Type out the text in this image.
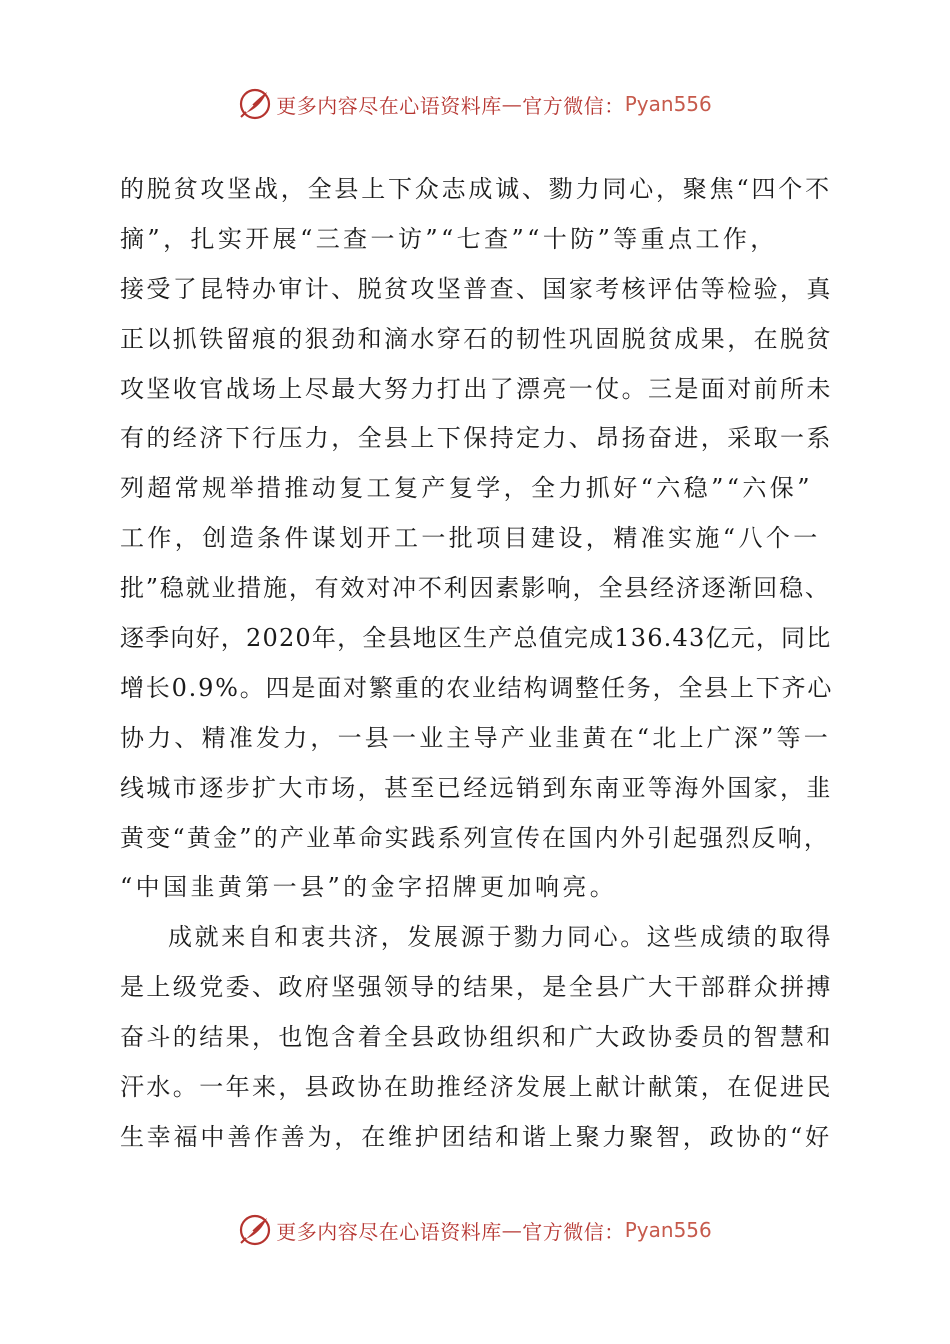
更多内容尽在心语资料库 — 官方微信： Pyan556
的脱贫攻坚战，全县上下众志成诚、勠力同心，聚焦“四个不
摘”，扎实开展“三查一访”“七查”“十防”等重点工作，
接受了昆特办审计、脱贫攻坚普查、国家考核评估等检验，真
正以抓铁留痕的狠劲和滴水穿石的韧性巩固脱贫成果，在脱贫
攻坚收官战场上尽最大努力打出了漂亮一仗。三是面对前所未
有的经济下行压力，全县上下保持定力、昂扬奋进，采取一系
列超常规举措推动复工复产复学，全力抓好“六稳”“六保”
工作，创造条件谋划开工一批项目建设，精准实施“八个一
批”稳就业措施，有效对冲不利因素影响，全县经济逐渐回稳、
逐季向好，2020年，全县地区生产总值完成136.43亿元，同比
增长0.9%。四是面对繁重的农业结构调整任务，全县上下齐心
协力、精准发力，一县一业主导产业韭黄在“北上广深”等一
线城市逐步扩大市场，甚至已经远销到东南亚等海外国家，韭
黄变“黄金”的产业革命实践系列宣传在国内外引起强烈反响，
“中国韭黄第一县”的金字招牌更加响亮。
成就来自和衷共济，发展源于勠力同心。这些成绩的取得
是上级党委、政府坚强领导的结果，是全县广大干部群众拼搏
奋斗的结果，也饱含着全县政协组织和广大政协委员的智慧和
汗水。一年来，县政协在助推经济发展上献计献策，在促进民
生幸福中善作善为，在维护团结和谐上聚力聚智，政协的“好
更多内容尽在心语资料库 — 官方微信： Pyan556
